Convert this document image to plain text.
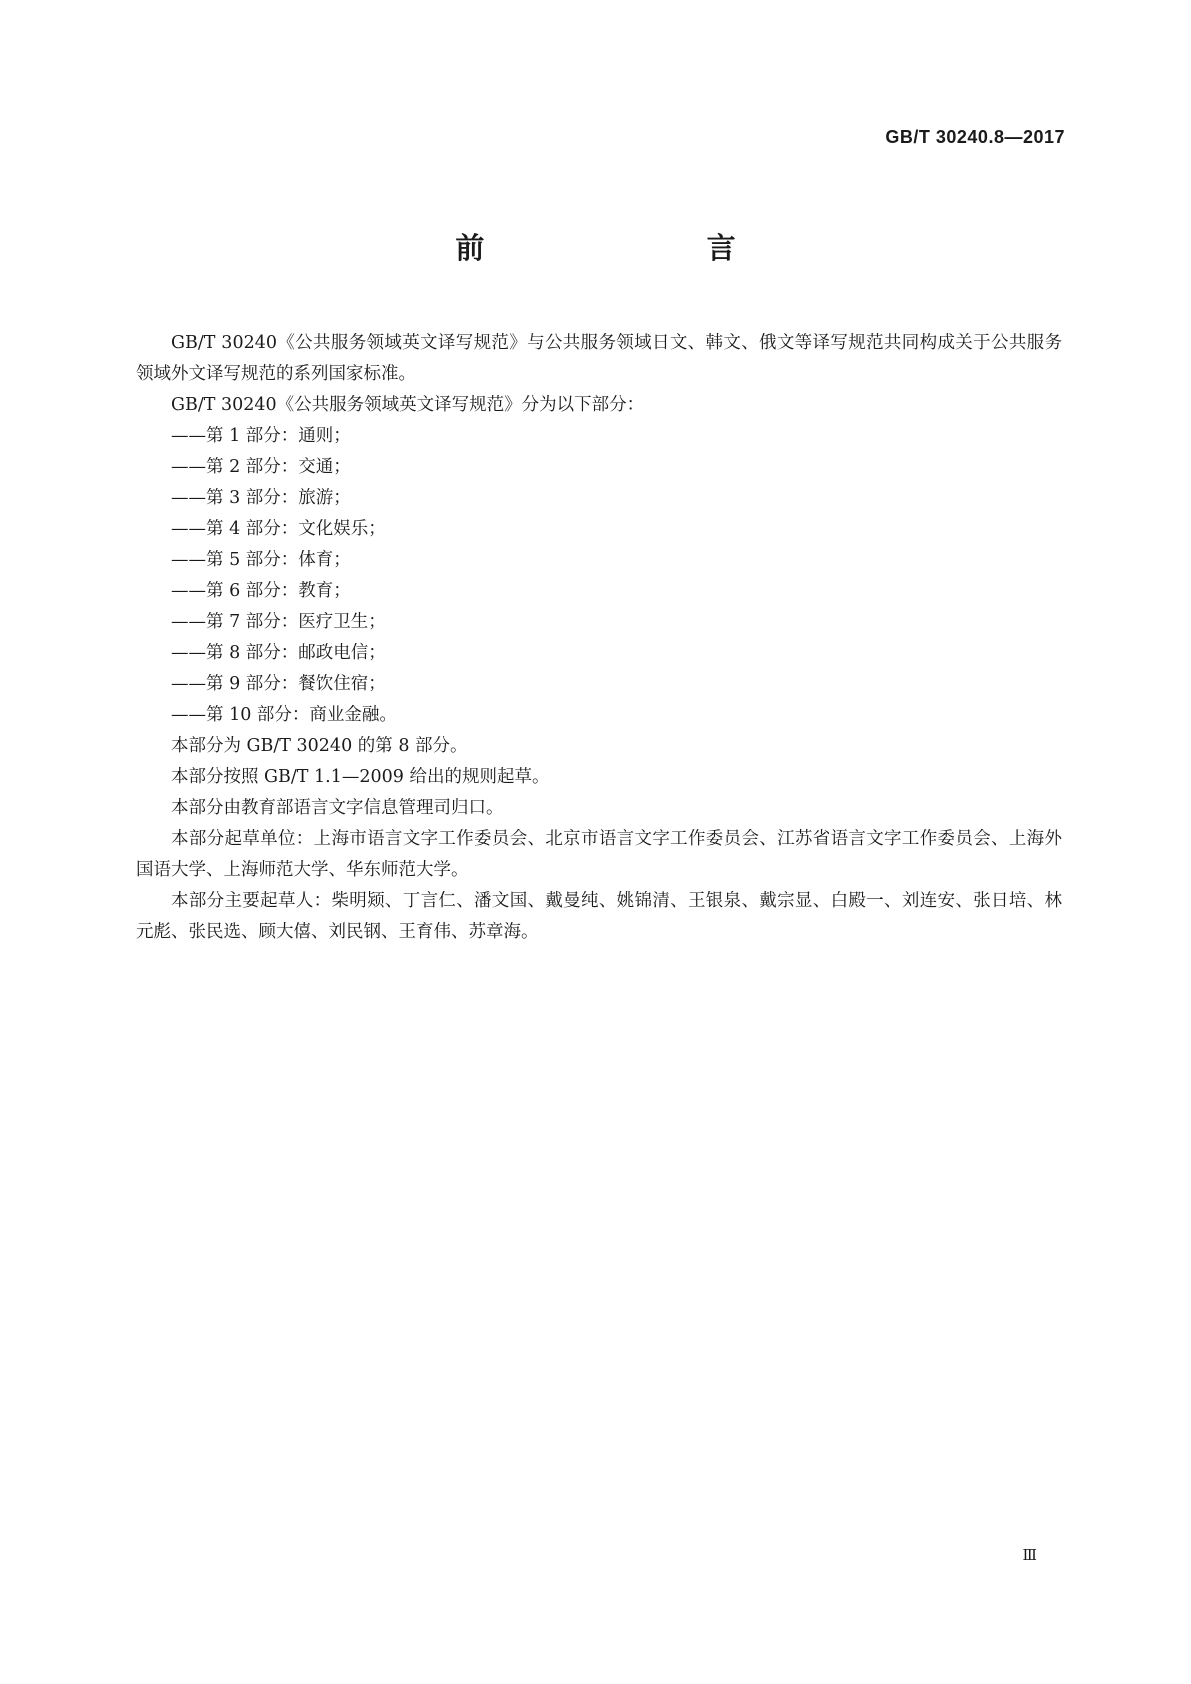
GB/T 30240.8—2017
前   言

GB/T 30240《公共服务领域英文译写规范》与公共服务领域日文、韩文、俄文等译写规范共同构成关于公共服务领域外文译写规范的系列国家标准。

GB/T 30240《公共服务领域英文译写规范》分为以下部分：

——第 1 部分：通则；
——第 2 部分：交通；
——第 3 部分：旅游；
——第 4 部分：文化娱乐；
——第 5 部分：体育；
——第 6 部分：教育；
——第 7 部分：医疗卫生；
——第 8 部分：邮政电信；
——第 9 部分：餐饮住宿；
——第 10 部分：商业金融。

本部分为 GB/T 30240 的第 8 部分。

本部分按照 GB/T 1.1—2009 给出的规则起草。

本部分由教育部语言文字信息管理司归口。

本部分起草单位：上海市语言文字工作委员会、北京市语言文字工作委员会、江苏省语言文字工作委员会、上海外国语大学、上海师范大学、华东师范大学。

本部分主要起草人：柴明颎、丁言仁、潘文国、戴曼纯、姚锦清、王银泉、戴宗显、白殿一、刘连安、张日培、林元彪、张民选、顾大僖、刘民钢、王育伟、苏章海。

Ⅲ
